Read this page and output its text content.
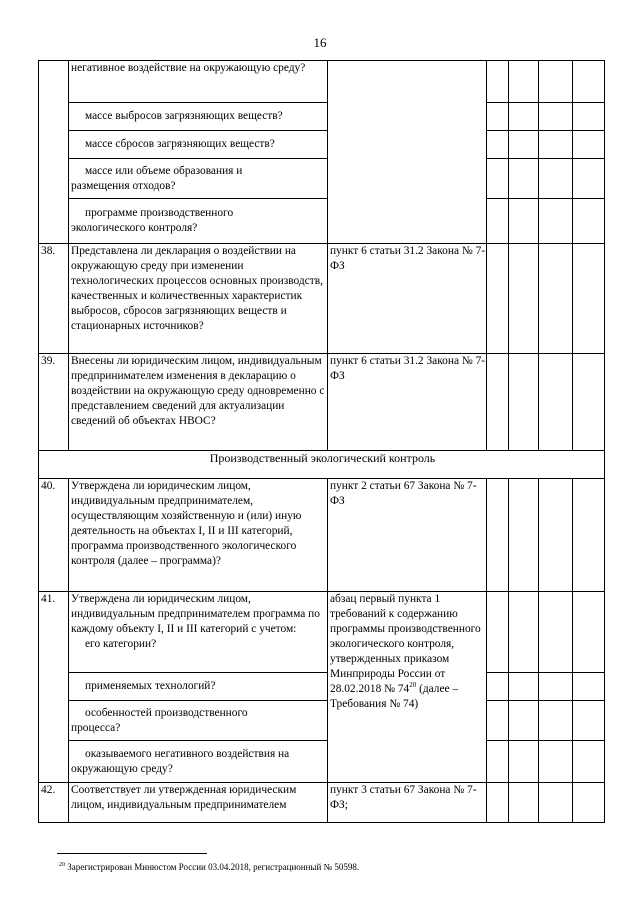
16
	негативное воздействие на окружающую среду?					
	массе выбросов загрязняющих веществ?					
	массе сбросов загрязняющих веществ?					
	массе или объеме образования и
размещения отходов?					
	программе производственного
экологического контроля?					
38.	Представлена ли декларация о воздействии на окружающую среду при изменении технологических процессов основных производств, качественных и количественных характеристик выбросов, сбросов загрязняющих веществ и стационарных источников?	пункт 6 статьи 31.2 Закона № 7-ФЗ				
39.	Внесены ли юридическим лицом, индивидуальным предпринимателем изменения в декларацию о воздействии на окружающую среду одновременно с представлением сведений для актуализации сведений об объектах НВОС?	пункт 6 статьи 31.2 Закона № 7-ФЗ				
Производственный экологический контроль						
40.	Утверждена ли юридическим лицом, индивидуальным предпринимателем, осуществляющим хозяйственную и (или) иную деятельность на объектах I, II и III категорий, программа производственного экологического контроля (далее – программа)?	пункт 2 статьи 67 Закона № 7-ФЗ				
41.	Утверждена ли юридическим лицом, индивидуальным предпринимателем программа по каждому объекту I, II и III категорий с учетом:
его категории?	абзац первый пункта 1 требований к содержанию программы производственного экологического контроля, утвержденных приказом Минприроды России от 28.02.2018 № $74^{20}$ (далее – Требования № 74)				
	применяемых технологий?					
	особенностей производственного
процесса?					
	оказываемого негативного воздействия на
окружающую среду?					
42.	Соответствует ли утвержденная юридическим лицом, индивидуальным предпринимателем	пункт 3 статьи 67 Закона № 7-ФЗ;				
$^{20}$ Зарегистрирован Минюстом России 03.04.2018, регистрационный № 50598.
